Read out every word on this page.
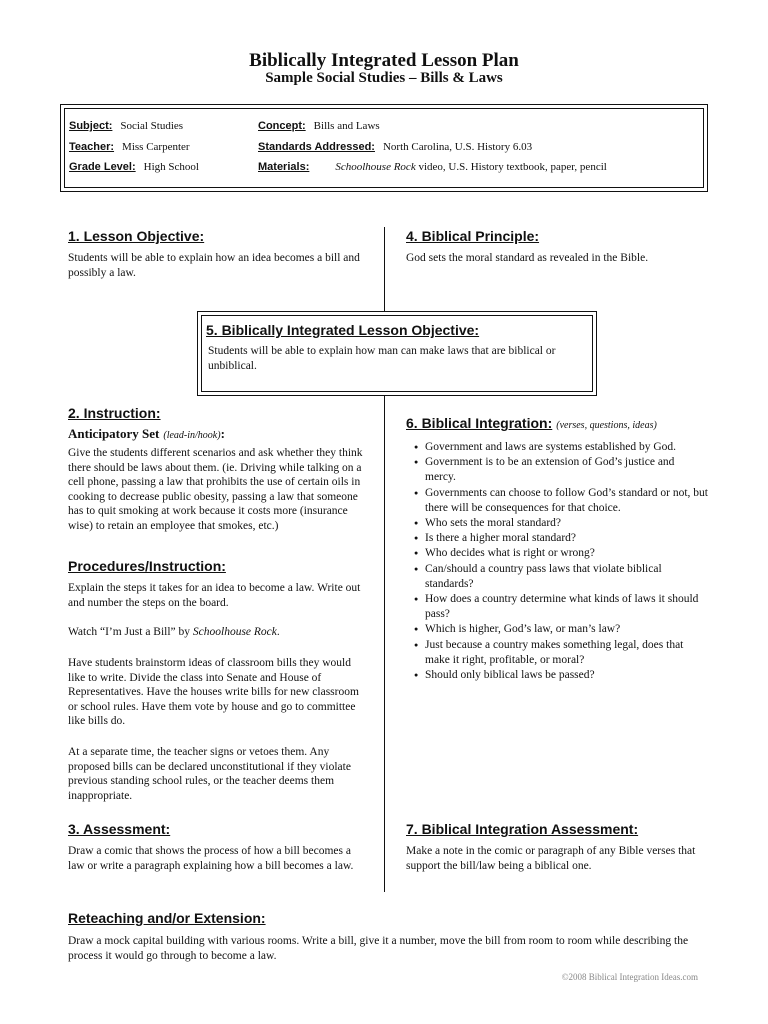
Biblically Integrated Lesson Plan
Sample Social Studies – Bills & Laws
Subject: Social Studies
Teacher: Miss Carpenter
Grade Level: High School
Concept: Bills and Laws
Standards Addressed: North Carolina, U.S. History 6.03
Materials: Schoolhouse Rock video, U.S. History textbook, paper, pencil
1. Lesson Objective:
Students will be able to explain how an idea becomes a bill and possibly a law.
4. Biblical Principle:
God sets the moral standard as revealed in the Bible.
5. Biblically Integrated Lesson Objective:
Students will be able to explain how man can make laws that are biblical or unbiblical.
2. Instruction:
Anticipatory Set (lead-in/hook):
Give the students different scenarios and ask whether they think there should be laws about them. (ie. Driving while talking on a cell phone, passing a law that prohibits the use of certain oils in cooking to decrease public obesity, passing a law that someone has to quit smoking at work because it costs more (insurance wise) to retain an employee that smokes, etc.)
Procedures/Instruction:
Explain the steps it takes for an idea to become a law. Write out and number the steps on the board.
Watch “I’m Just a Bill” by Schoolhouse Rock.
Have students brainstorm ideas of classroom bills they would like to write. Divide the class into Senate and House of Representatives. Have the houses write bills for new classroom or school rules. Have them vote by house and go to committee like bills do.
At a separate time, the teacher signs or vetoes them. Any proposed bills can be declared unconstitutional if they violate previous standing school rules, or the teacher deems them inappropriate.
6. Biblical Integration: (verses, questions, ideas)
● Government and laws are systems established by God.
● Government is to be an extension of God’s justice and mercy.
● Governments can choose to follow God’s standard or not, but there will be consequences for that choice.
● Who sets the moral standard?
● Is there a higher moral standard?
● Who decides what is right or wrong?
● Can/should a country pass laws that violate biblical standards?
● How does a country determine what kinds of laws it should pass?
● Which is higher, God’s law, or man’s law?
● Just because a country makes something legal, does that make it right, profitable, or moral?
● Should only biblical laws be passed?
3. Assessment:
Draw a comic that shows the process of how a bill becomes a law or write a paragraph explaining how a bill becomes a law.
7. Biblical Integration Assessment:
Make a note in the comic or paragraph of any Bible verses that support the bill/law being a biblical one.
Reteaching and/or Extension:
Draw a mock capital building with various rooms. Write a bill, give it a number, move the bill from room to room while describing the process it would go through to become a law.
©2008 Biblical Integration Ideas.com
